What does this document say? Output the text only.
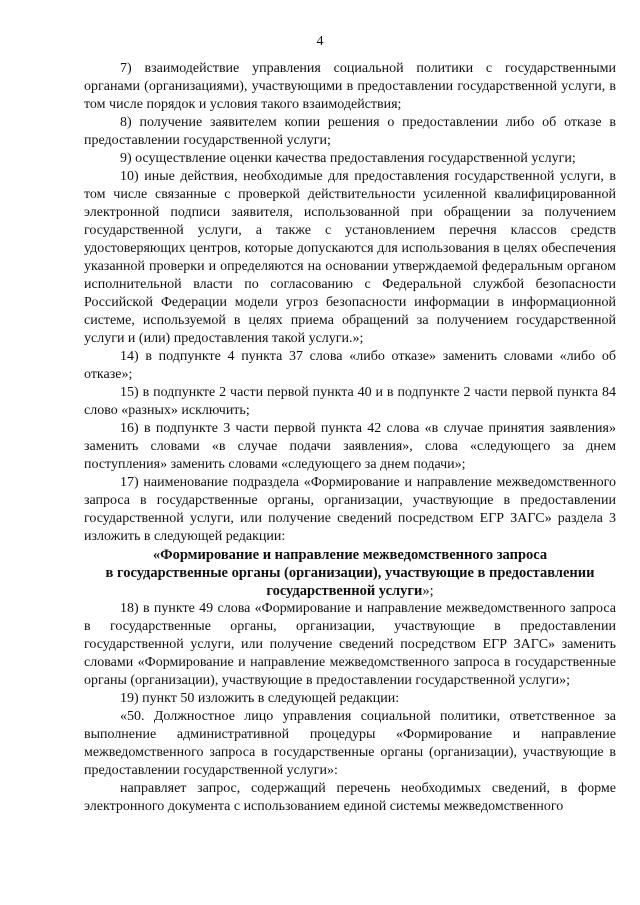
4

7) взаимодействие управления социальной политики с государственными органами (организациями), участвующими в предоставлении государственной услуги, в том числе порядок и условия такого взаимодействия;

8) получение заявителем копии решения о предоставлении либо об отказе в предоставлении государственной услуги;

9) осуществление оценки качества предоставления государственной услуги;

10) иные действия, необходимые для предоставления государственной услуги, в том числе связанные с проверкой действительности усиленной квалифицированной электронной подписи заявителя, использованной при обращении за получением государственной услуги, а также с установлением перечня классов средств удостоверяющих центров, которые допускаются для использования в целях обеспечения указанной проверки и определяются на основании утверждаемой федеральным органом исполнительной власти по согласованию с Федеральной службой безопасности Российской Федерации модели угроз безопасности информации в информационной системе, используемой в целях приема обращений за получением государственной услуги и (или) предоставления такой услуги.»;

14) в подпункте 4 пункта 37 слова «либо отказе» заменить словами «либо об отказе»;

15) в подпункте 2 части первой пункта 40 и в подпункте 2 части первой пункта 84 слово «разных» исключить;

16) в подпункте 3 части первой пункта 42 слова «в случае принятия заявления» заменить словами «в случае подачи заявления», слова «следующего за днем поступления» заменить словами «следующего за днем подачи»;

17) наименование подраздела «Формирование и направление межведомственного запроса в государственные органы, организации, участвующие в предоставлении государственной услуги, или получение сведений посредством ЕГР ЗАГС» раздела 3 изложить в следующей редакции:

«Формирование и направление межведомственного запроса

в государственные органы (организации), участвующие в предоставлении

государственной услуги»;

18) в пункте 49 слова «Формирование и направление межведомственного запроса в государственные органы, организации, участвующие в предоставлении государственной услуги, или получение сведений посредством ЕГР ЗАГС» заменить словами «Формирование и направление межведомственного запроса в государственные органы (организации), участвующие в предоставлении государственной услуги»;

19) пункт 50 изложить в следующей редакции:

«50. Должностное лицо управления социальной политики, ответственное за выполнение административной процедуры «Формирование и направление межведомственного запроса в государственные органы (организации), участвующие в предоставлении государственной услуги»:

направляет запрос, содержащий перечень необходимых сведений, в форме электронного документа с использованием единой системы межведомственного
